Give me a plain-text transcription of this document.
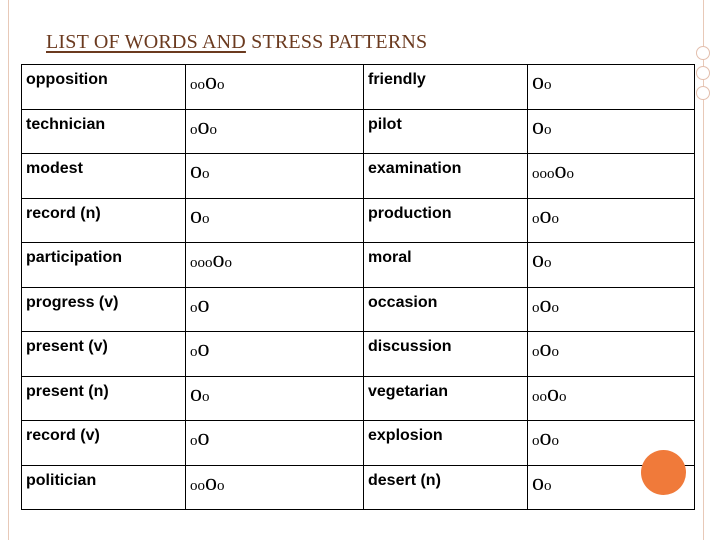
LIST OF WORDS AND STRESS PATTERNS
opposition	oooo	friendly	oo
technician	ooo	pilot	oo
modest	oo	examination	ooooo
record (n)	oo	production	ooo
participation	ooooo	moral	oo
progress (v)	oo	occasion	ooo
present (v)	oo	discussion	ooo
present (n)	oo	vegetarian	oooo
record (v)	oo	explosion	ooo
politician	oooo	desert (n)	oo
